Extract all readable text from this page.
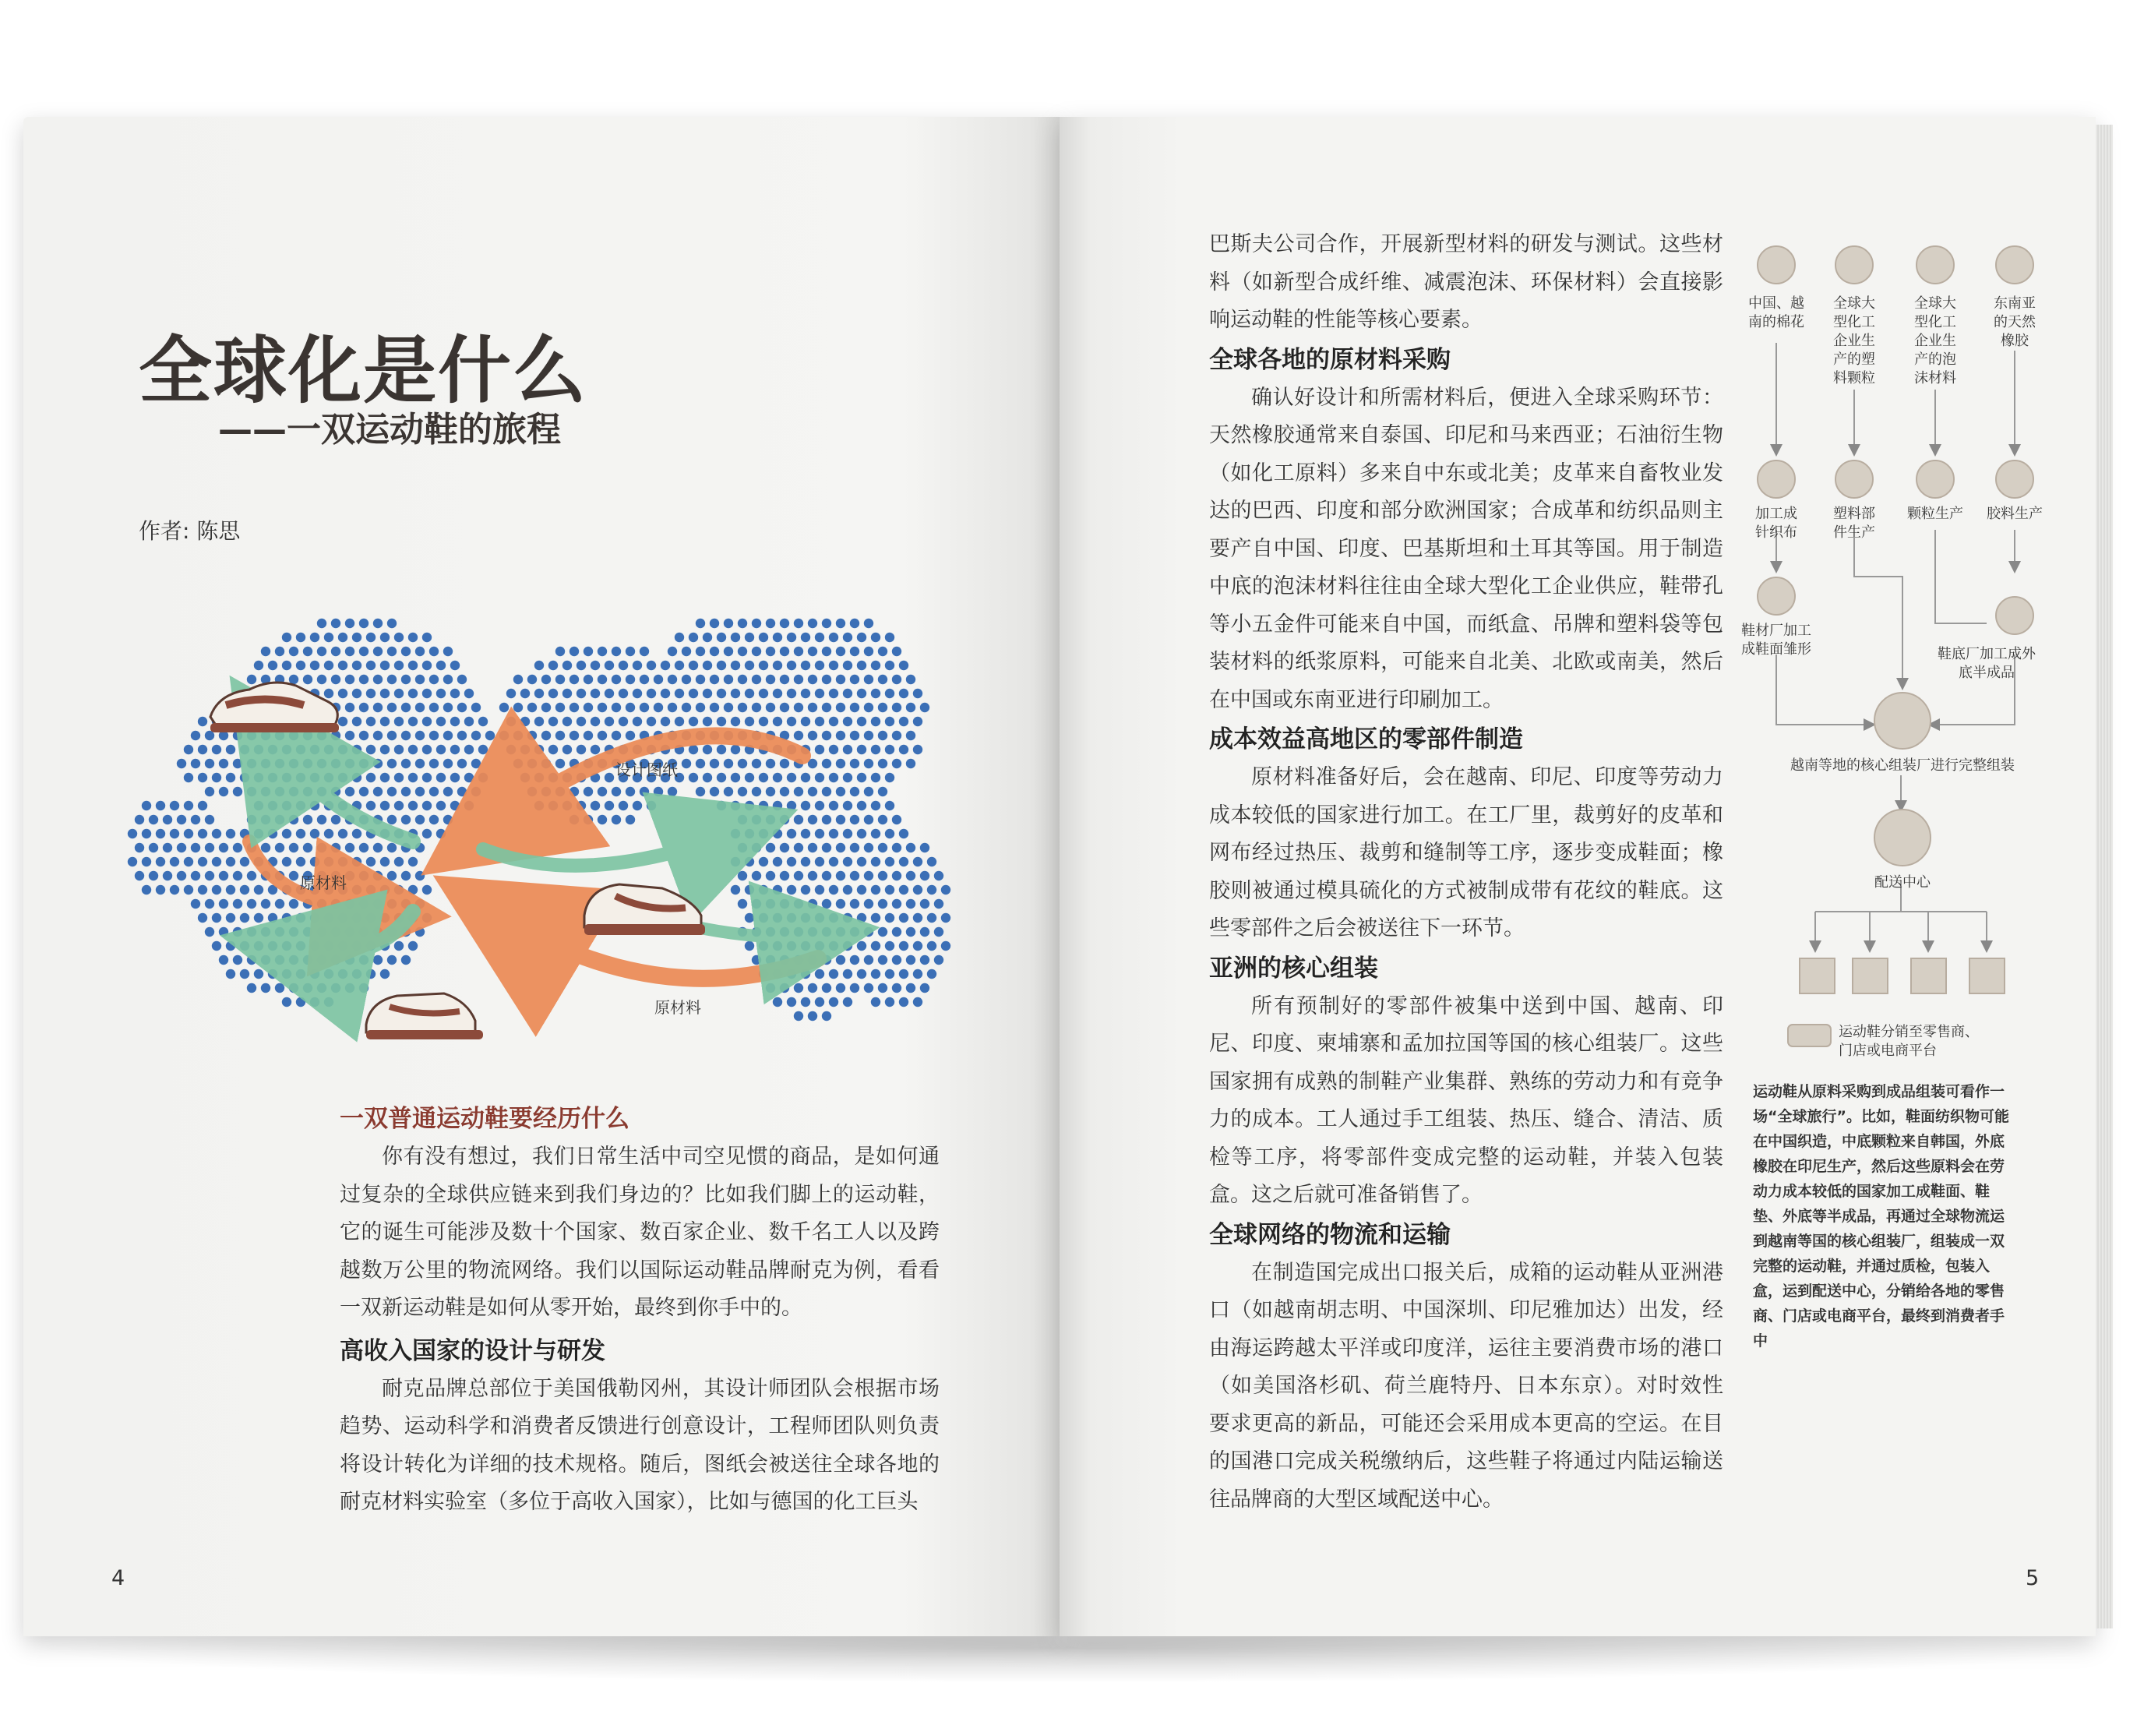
全球化是什么
——一双运动鞋的旅程
作者: 陈思
设计图纸
原材料
原材料
一双普通运动鞋要经历什么

你有没有想过，我们日常生活中司空见惯的商品，是如何通过复杂的全球供应链来到我们身边的？比如我们脚上的运动鞋，它的诞生可能涉及数十个国家、数百家企业、数千名工人以及跨越数万公里的物流网络。我们以国际运动鞋品牌耐克为例，看看一双新运动鞋是如何从零开始，最终到你手中的。

高收入国家的设计与研发

耐克品牌总部位于美国俄勒冈州，其设计师团队会根据市场趋势、运动科学和消费者反馈进行创意设计，工程师团队则负责将设计转化为详细的技术规格。随后，图纸会被送往全球各地的耐克材料实验室（多位于高收入国家），比如与德国的化工巨头

4

巴斯夫公司合作，开展新型材料的研发与测试。这些材料（如新型合成纤维、减震泡沫、环保材料）会直接影响运动鞋的性能等核心要素。

全球各地的原材料采购

确认好设计和所需材料后，便进入全球采购环节：天然橡胶通常来自泰国、印尼和马来西亚；石油衍生物（如化工原料）多来自中东或北美；皮革来自畜牧业发达的巴西、印度和部分欧洲国家；合成革和纺织品则主要产自中国、印度、巴基斯坦和土耳其等国。用于制造中底的泡沫材料往往由全球大型化工企业供应，鞋带孔等小五金件可能来自中国，而纸盒、吊牌和塑料袋等包装材料的纸浆原料，可能来自北美、北欧或南美，然后在中国或东南亚进行印刷加工。

成本效益高地区的零部件制造

原材料准备好后，会在越南、印尼、印度等劳动力成本较低的国家进行加工。在工厂里，裁剪好的皮革和网布经过热压、裁剪和缝制等工序，逐步变成鞋面；橡胶则被通过模具硫化的方式被制成带有花纹的鞋底。这些零部件之后会被送往下一环节。

亚洲的核心组装

所有预制好的零部件被集中送到中国、越南、印尼、印度、柬埔寨和孟加拉国等国的核心组装厂。这些国家拥有成熟的制鞋产业集群、熟练的劳动力和有竞争力的成本。工人通过手工组装、热压、缝合、清洁、质检等工序，将零部件变成完整的运动鞋，并装入包装盒。这之后就可准备销售了。

全球网络的物流和运输

在制造国完成出口报关后，成箱的运动鞋从亚洲港口（如越南胡志明、中国深圳、印尼雅加达）出发，经由海运跨越太平洋或印度洋，运往主要消费市场的港口（如美国洛杉矶、荷兰鹿特丹、日本东京）。对时效性要求更高的新品，可能还会采用成本更高的空运。在目的国港口完成关税缴纳后，这些鞋子将通过内陆运输送往品牌商的大型区域配送中心。

中国、越
南的棉花
全球大
型化工
企业生
产的塑
料颗粒
全球大
型化工
企业生
产的泡
沫材料
东南亚
的天然
橡胶
加工成
针织布
塑料部
件生产
颗粒生产 胶料生产
鞋材厂加工
成鞋面雏形	鞋底厂加工成外
底半成品
越南等地的核心组装厂进行完整组装
配送中心
运动鞋分销至零售商、
门店或电商平台
运动鞋从原料采购到成品组装可看作一场“全球旅行”。比如，鞋面纺织物可能在中国织造，中底颗粒来自韩国，外底橡胶在印尼生产，然后这些原料会在劳动力成本较低的国家加工成鞋面、鞋垫、外底等半成品，再通过全球物流运到越南等国的核心组装厂，组装成一双完整的运动鞋，并通过质检，包装入盒，运到配送中心，分销给各地的零售商、门店或电商平台，最终到消费者手中
5
